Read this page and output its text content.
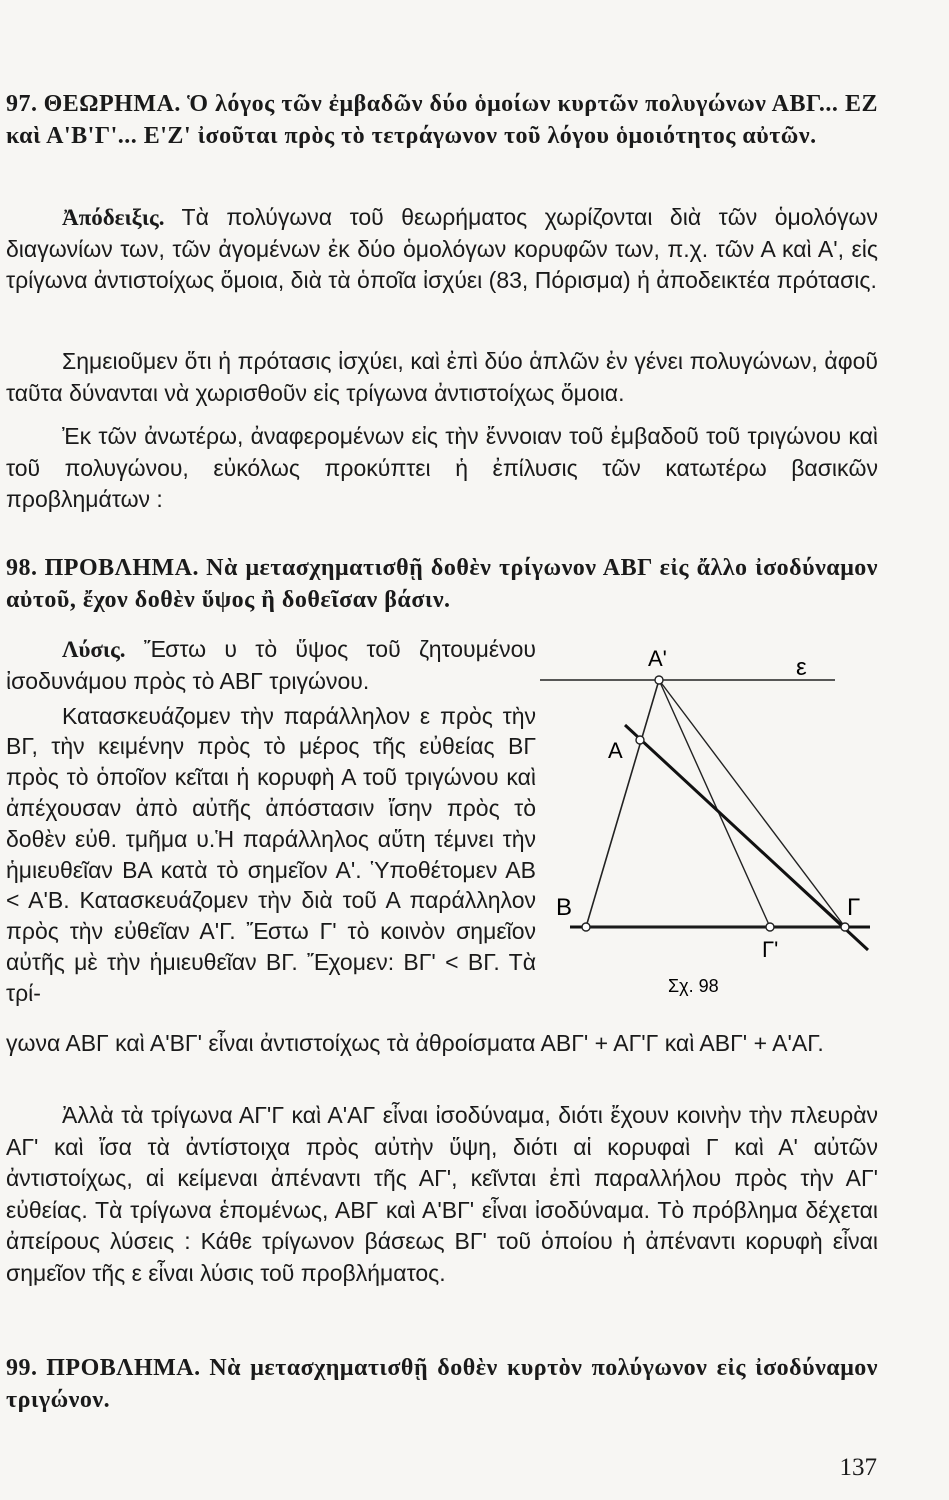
97. ΘΕΩΡΗΜΑ. Ὁ λόγος τῶν ἐμβαδῶν δύο ὁμοίων κυρτῶν πολυγώνων ΑΒΓ... ΕΖ καὶ Α'Β'Γ'... Ε'Ζ' ἰσοῦται πρὸς τὸ τετράγωνον τοῦ λόγου ὁμοιότητος αὐτῶν.

Ἀπόδειξις. Τὰ πολύγωνα τοῦ θεωρήματος χωρίζονται διὰ τῶν ὁμολόγων διαγωνίων των, τῶν ἀγομένων ἐκ δύο ὁμολόγων κορυφῶν των, π.χ. τῶν Α καὶ Α', εἰς τρίγωνα ἀντιστοίχως ὅμοια, διὰ τὰ ὁποῖα ἰσχύει (83, Πόρισμα) ἡ ἀποδεικτέα πρότασις.

Σημειοῦμεν ὅτι ἡ πρότασις ἰσχύει, καὶ ἐπὶ δύο ἁπλῶν ἐν γένει πολυγώνων, ἀφοῦ ταῦτα δύνανται νὰ χωρισθοῦν εἰς τρίγωνα ἀντιστοίχως ὅμοια.

Ἐκ τῶν ἀνωτέρω, ἀναφερομένων εἰς τὴν ἔννοιαν τοῦ ἐμβαδοῦ τοῦ τριγώνου καὶ τοῦ πολυγώνου, εὐκόλως προκύπτει ἡ ἐπίλυσις τῶν κατωτέρω βασικῶν προβλημάτων :

98. ΠΡΟΒΛΗΜΑ. Νὰ μετασχηματισθῇ δοθὲν τρίγωνον ΑΒΓ εἰς ἄλλο ἰσοδύναμον αὐτοῦ, ἔχον δοθὲν ὕψος ἢ δοθεῖσαν βάσιν.

Λύσις. Ἔστω υ τὸ ὕψος τοῦ ζητουμένου ἰσοδυνάμου πρὸς τὸ ΑΒΓ τριγώνου.

Κατασκευάζομεν τὴν παράλληλον ε πρὸς τὴν ΒΓ, τὴν κειμένην πρὸς τὸ μέρος τῆς εὐθείας ΒΓ πρὸς τὸ ὁποῖον κεῖται ἡ κορυφὴ Α τοῦ τριγώνου καὶ ἀπέχουσαν ἀπὸ αὐτῆς ἀπόστασιν ἴσην πρὸς τὸ δοθὲν εὐθ. τμῆμα υ.Ἡ παράλληλος αὕτη τέμνει τὴν ἡμιευθεῖαν ΒΑ κατὰ τὸ σημεῖον Α'. Ὑποθέτομεν ΑΒ < Α'Β. Κατασκευάζομεν τὴν διὰ τοῦ Α παράλληλον πρὸς τὴν εὐθεῖαν Α'Γ. Ἔστω Γ' τὸ κοινὸν σημεῖον αὐτῆς μὲ τὴν ἡμιευθεῖαν ΒΓ. Ἔχομεν: ΒΓ' < ΒΓ. Τὰ τρί-

γωνα ΑΒΓ καὶ Α'ΒΓ' εἶναι ἀντιστοίχως τὰ ἀθροίσματα ΑΒΓ' + ΑΓ'Γ καὶ ΑΒΓ' + Α'ΑΓ.

Ἀλλὰ τὰ τρίγωνα ΑΓ'Γ καὶ Α'ΑΓ εἶναι ἰσοδύναμα, διότι ἔχουν κοινὴν τὴν πλευρὰν ΑΓ' καὶ ἴσα τὰ ἀντίστοιχα πρὸς αὐτὴν ὕψη, διότι αἱ κορυφαὶ Γ καὶ Α' αὐτῶν ἀντιστοίχως, αἱ κείμεναι ἀπέναντι τῆς ΑΓ', κεῖνται ἐπὶ παραλλήλου πρὸς τὴν ΑΓ' εὐθείας. Τὰ τρίγωνα ἑπομένως, ΑΒΓ καὶ Α'ΒΓ' εἶναι ἰσοδύναμα. Τὸ πρόβλημα δέχεται ἀπείρους λύσεις : Κάθε τρίγωνον βάσεως ΒΓ' τοῦ ὁποίου ἡ ἀπέναντι κορυφὴ εἶναι σημεῖον τῆς ε εἶναι λύσις τοῦ προβλήματος.

99. ΠΡΟΒΛΗΜΑ. Νὰ μετασχηματισθῇ δοθὲν κυρτὸν πολύγωνον εἰς ἰσοδύναμον τριγώνον.

Α'	ε
Α
Β	Γ
Γ'
Σχ. 98
137
